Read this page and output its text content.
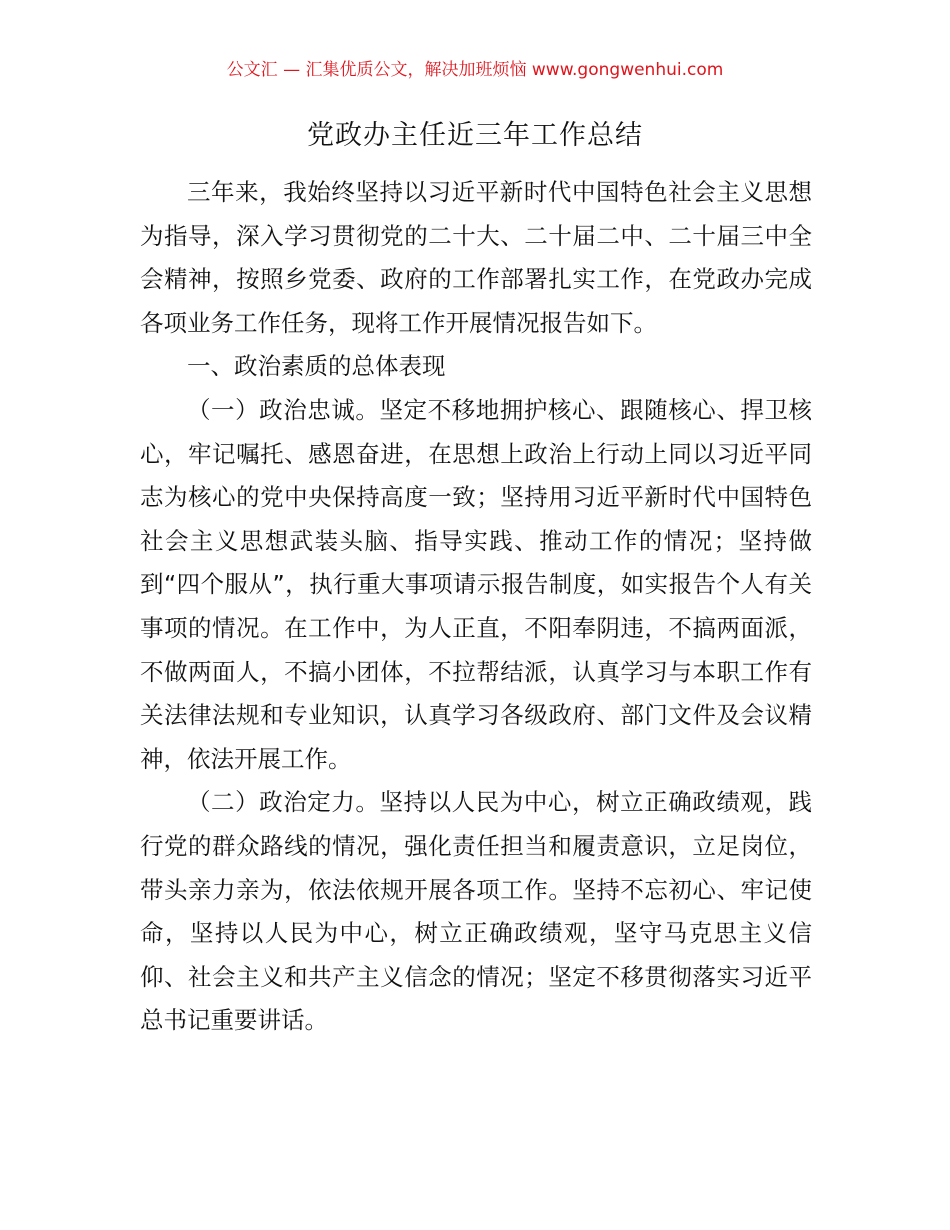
公文汇 — 汇集优质公文，解决加班烦恼 www.gongwenhui.com
党政办主任近三年工作总结

三年来，我始终坚持以习近平新时代中国特色社会主义思想为指导，深入学习贯彻党的二十大、二十届二中、二十届三中全会精神，按照乡党委、政府的工作部署扎实工作，在党政办完成各项业务工作任务，现将工作开展情况报告如下。

一、政治素质的总体表现

（一）政治忠诚。坚定不移地拥护核心、跟随核心、捍卫核心，牢记嘱托、感恩奋进，在思想上政治上行动上同以习近平同志为核心的党中央保持高度一致；坚持用习近平新时代中国特色社会主义思想武装头脑、指导实践、推动工作的情况；坚持做到“四个服从”，执行重大事项请示报告制度，如实报告个人有关事项的情况。在工作中，为人正直，不阳奉阴违，不搞两面派，不做两面人，不搞小团体，不拉帮结派，认真学习与本职工作有关法律法规和专业知识，认真学习各级政府、部门文件及会议精神，依法开展工作。

（二）政治定力。坚持以人民为中心，树立正确政绩观，践行党的群众路线的情况，强化责任担当和履责意识，立足岗位，带头亲力亲为，依法依规开展各项工作。坚持不忘初心、牢记使命，坚持以人民为中心，树立正确政绩观，坚守马克思主义信仰、社会主义和共产主义信念的情况；坚定不移贯彻落实习近平总书记重要讲话。
